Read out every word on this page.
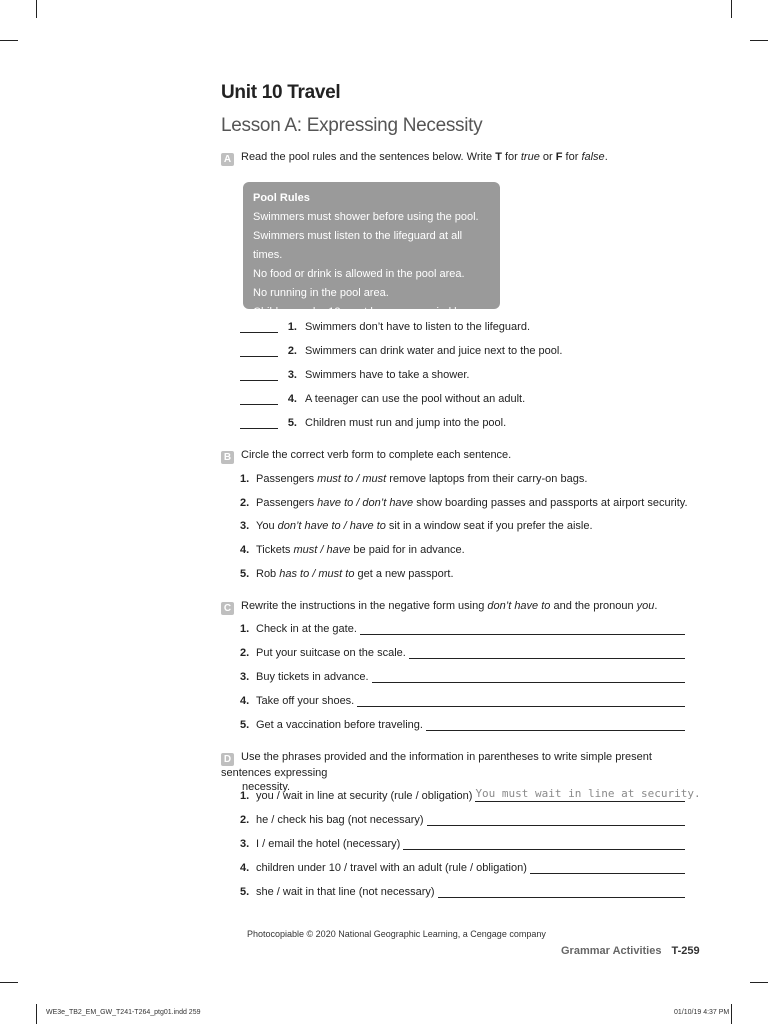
Unit 10 Travel
Lesson A: Expressing Necessity
A Read the pool rules and the sentences below. Write T for true or F for false.
Pool Rules
Swimmers must shower before using the pool.
Swimmers must listen to the lifeguard at all times.
No food or drink is allowed in the pool area.
No running in the pool area.
Children under 12 must be accompanied by an adult. 1. Swimmers don’t have to listen to the lifeguard.
2. Swimmers can drink water and juice next to the pool.
3. Swimmers have to take a shower.
4. A teenager can use the pool without an adult.
5. Children must run and jump into the pool.
B Circle the correct verb form to complete each sentence.
1. Passengers must to / must remove laptops from their carry-on bags.
2. Passengers have to / don’t have show boarding passes and passports at airport security.
3. You don’t have to / have to sit in a window seat if you prefer the aisle.
4. Tickets must / have be paid for in advance.
5. Rob has to / must to get a new passport.
C Rewrite the instructions in the negative form using don’t have to and the pronoun you.
1. Check in at the gate.
2. Put your suitcase on the scale.
3. Buy tickets in advance.
4. Take off your shoes.
5. Get a vaccination before traveling.
D Use the phrases provided and the information in parentheses to write simple present sentences expressing
necessity.
1. you / wait in line at security (rule / obligation) You must wait in line at security.
2. he / check his bag (not necessary)
3. I / email the hotel (necessary)
4. children under 10 / travel with an adult (rule / obligation)
5. she / wait in that line (not necessary)
Photocopiable © 2020 National Geographic Learning, a Cengage company
Grammar Activities T-259
WE3e_TB2_EM_GW_T241-T264_ptg01.indd 259	01/10/19 4:37 PM
